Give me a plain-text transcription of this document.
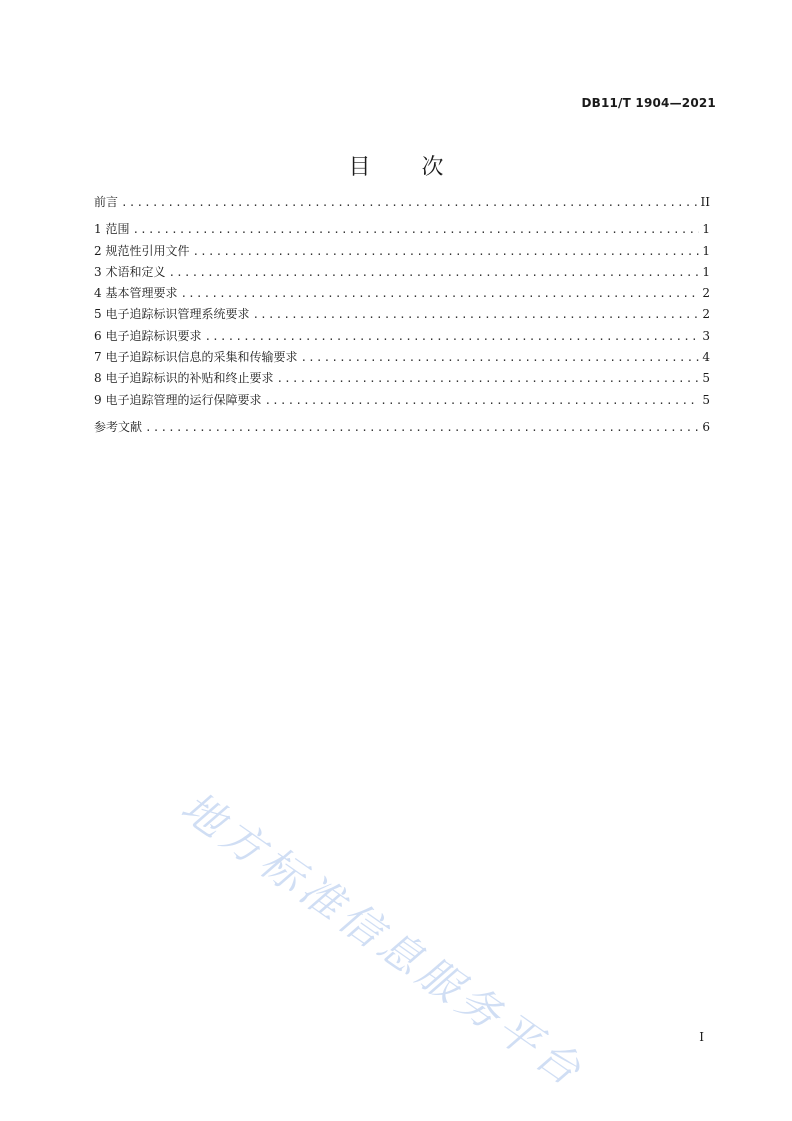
DB11/T 1904—2021
目 次
前言 .....	II
1 范围 .....	1
2 规范性引用文件 .....	1
3 术语和定义 .....	1
4 基本管理要求 .....	2
5 电子追踪标识管理系统要求 .....	2
6 电子追踪标识要求 .....	3
7 电子追踪标识信息的采集和传输要求 .....	4
8 电子追踪标识的补贴和终止要求 .....	5
9 电子追踪管理的运行保障要求 .....	5
参考文献 .....	6
地方标准信息服务平台	I
